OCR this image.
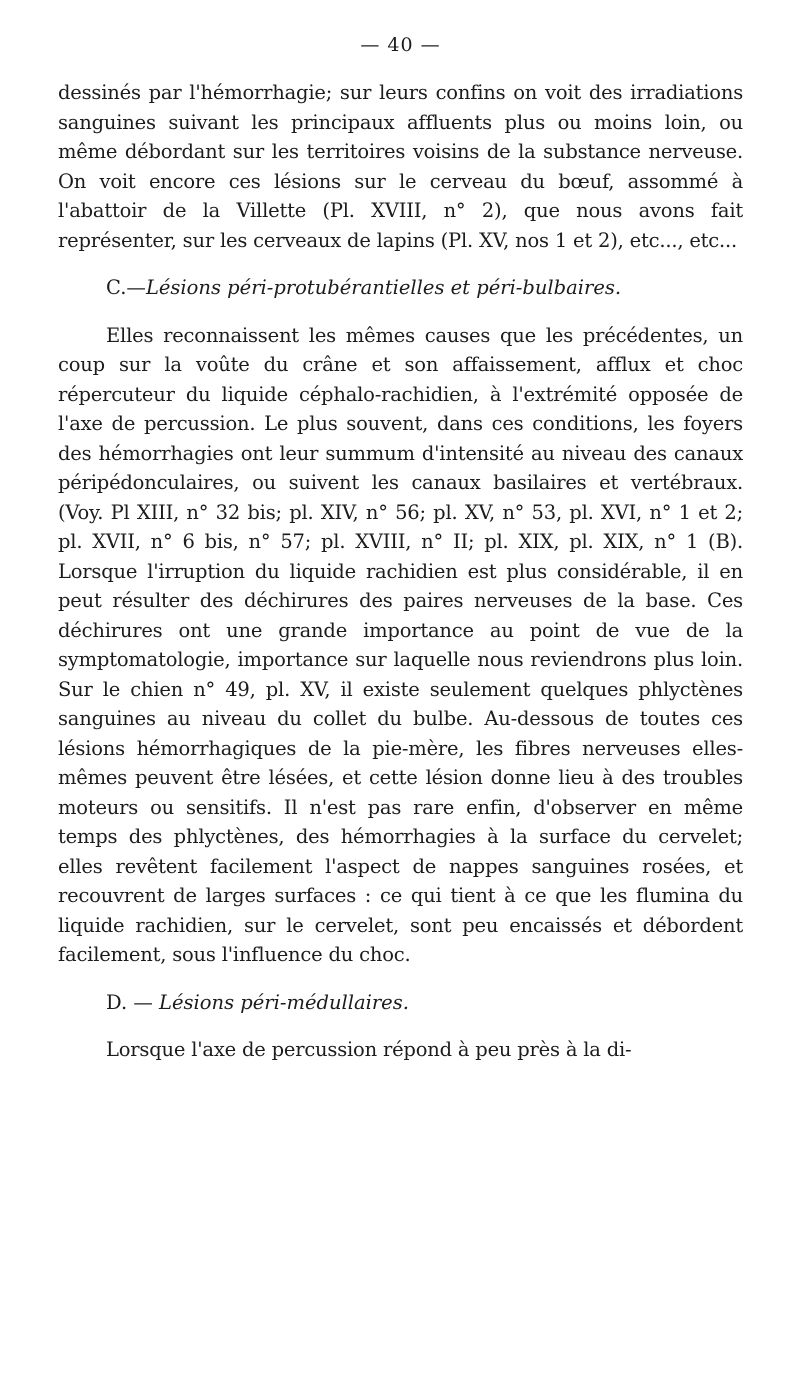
— 40 —

dessinés par l'hémorrhagie; sur leurs confins on voit des irradiations sanguines suivant les principaux affluents plus ou moins loin, ou même débordant sur les territoires voisins de la substance nerveuse. On voit encore ces lésions sur le cerveau du bœuf, assommé à l'abattoir de la Villette (Pl. XVIII, n° 2), que nous avons fait représenter, sur les cerveaux de lapins (Pl. XV, nos 1 et 2), etc..., etc...

C.—Lésions péri-protubérantielles et péri-bulbaires.

Elles reconnaissent les mêmes causes que les précédentes, un coup sur la voûte du crâne et son affaissement, afflux et choc répercuteur du liquide céphalo-rachidien, à l'extrémité opposée de l'axe de percussion. Le plus souvent, dans ces conditions, les foyers des hémorrhagies ont leur summum d'intensité au niveau des canaux péripédonculaires, ou suivent les canaux basilaires et vertébraux. (Voy. Pl XIII, n° 32 bis; pl. XIV, n° 56; pl. XV, n° 53, pl. XVI, n° 1 et 2; pl. XVII, n° 6 bis, n° 57; pl. XVIII, n° II; pl. XIX, pl. XIX, n° 1 (B). Lorsque l'irruption du liquide rachidien est plus considérable, il en peut résulter des déchirures des paires nerveuses de la base. Ces déchirures ont une grande importance au point de vue de la symptomatologie, importance sur laquelle nous reviendrons plus loin. Sur le chien n° 49, pl. XV, il existe seulement quelques phlyctènes sanguines au niveau du collet du bulbe. Au-dessous de toutes ces lésions hémorrhagiques de la pie-mère, les fibres nerveuses elles-mêmes peuvent être lésées, et cette lésion donne lieu à des troubles moteurs ou sensitifs. Il n'est pas rare enfin, d'observer en même temps des phlyctènes, des hémorrhagies à la surface du cervelet; elles revêtent facilement l'aspect de nappes sanguines rosées, et recouvrent de larges surfaces : ce qui tient à ce que les flumina du liquide rachidien, sur le cervelet, sont peu encaissés et débordent facilement, sous l'influence du choc.

D. — Lésions péri-médullaires.

Lorsque l'axe de percussion répond à peu près à la di-
